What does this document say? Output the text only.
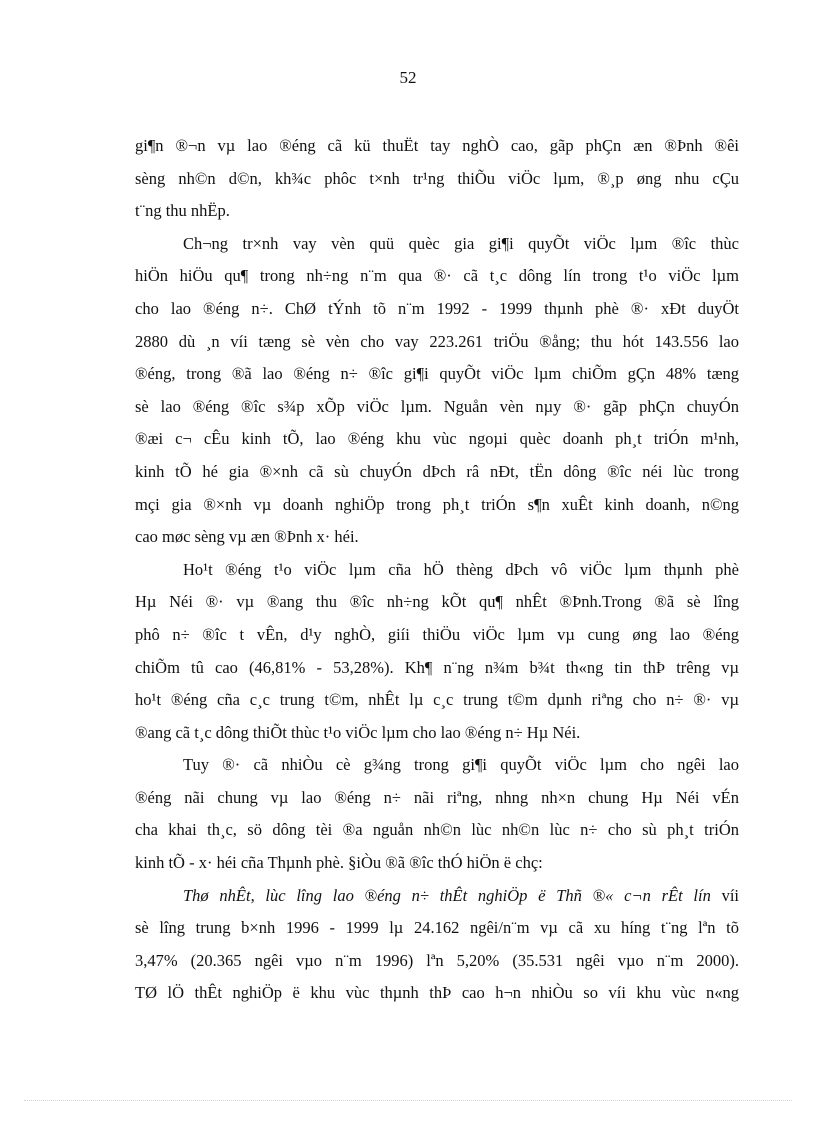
52
gi¶n ®¬n vµ lao ®éng cã kü thuËt tay nghÒ cao, gãp phÇn æn ®Þnh ®êi
sèng nh©n d©n, kh¾c phôc t×nh tr¹ng thiÕu viÖc lµm, ®¸p øng nhu cÇu
t¨ng thu nhËp.
Ch¬ng tr×nh vay vèn quü quèc gia gi¶i quyÕt viÖc lµm ®îc thùc
hiÖn hiÖu qu¶ trong nh÷ng n¨m qua ®· cã t¸c dông lín trong t¹o viÖc lµm
cho lao ®éng n÷. ChØ tÝnh tõ n¨m 1992 - 1999 thµnh phè ®· xÐt duyÖt
2880 dù ¸n víi tæng sè vèn cho vay 223.261 triÖu ®ång; thu hót 143.556 lao
®éng, trong ®ã lao ®éng n÷ ®îc gi¶i quyÕt viÖc lµm chiÕm gÇn 48% tæng
sè lao ®éng ®îc s¾p xÕp viÖc lµm. Nguån vèn nµy ®· gãp phÇn chuyÓn
®æi c¬ cÊu kinh tÕ, lao ®éng khu vùc ngoµi quèc doanh ph¸t triÓn m¹nh,
kinh tÕ hé gia ®×nh cã sù chuyÓn dÞch râ nÐt, tËn dông ®îc néi lùc trong
mçi gia ®×nh vµ doanh nghiÖp trong ph¸t triÓn s¶n xuÊt kinh doanh, n©ng
cao møc sèng vµ æn ®Þnh x· héi.
Ho¹t ®éng t¹o viÖc lµm cña hÖ thèng dÞch vô viÖc lµm thµnh phè
Hµ Néi ®· vµ ®ang thu ®îc nh÷ng kÕt qu¶ nhÊt ®Þnh.Trong ®ã sè lîng
phô n÷ ®îc t vÊn, d¹y nghÒ, giíi thiÖu viÖc lµm vµ cung øng lao ®éng
chiÕm tû cao (46,81% - 53,28%). Kh¶ n¨ng n¾m b¾t th«ng tin thÞ trêng vµ
ho¹t ®éng cña c¸c trung t©m, nhÊt lµ c¸c trung t©m dµnh riªng cho n÷ ®· vµ
®ang cã t¸c dông thiÕt thùc t¹o viÖc lµm cho lao ®éng n÷ Hµ Néi.
Tuy ®· cã nhiÒu cè g¾ng trong gi¶i quyÕt viÖc lµm cho ngêi lao
®éng nãi chung vµ lao ®éng n÷ nãi riªng, nhng nh×n chung Hµ Néi vÉn
cha khai th¸c, sö dông tèi ®a nguån nh©n lùc nh©n lùc n÷ cho sù ph¸t triÓn
kinh tÕ - x· héi cña Thµnh phè. §iÒu ®ã ®îc thÓ hiÖn ë chç:
Thø nhÊt, lùc lîng lao ®éng n÷ thÊt nghiÖp ë Thñ ®« c¬n rÊt lín víi
sè lîng trung b×nh 1996 - 1999 lµ 24.162 ngêi/n¨m vµ cã xu híng t¨ng lªn tõ
3,47% (20.365 ngêi vµo n¨m 1996) lªn 5,20% (35.531 ngêi vµo n¨m 2000).
TØ lÖ thÊt nghiÖp ë khu vùc thµnh thÞ cao h¬n nhiÒu so víi khu vùc n«ng
